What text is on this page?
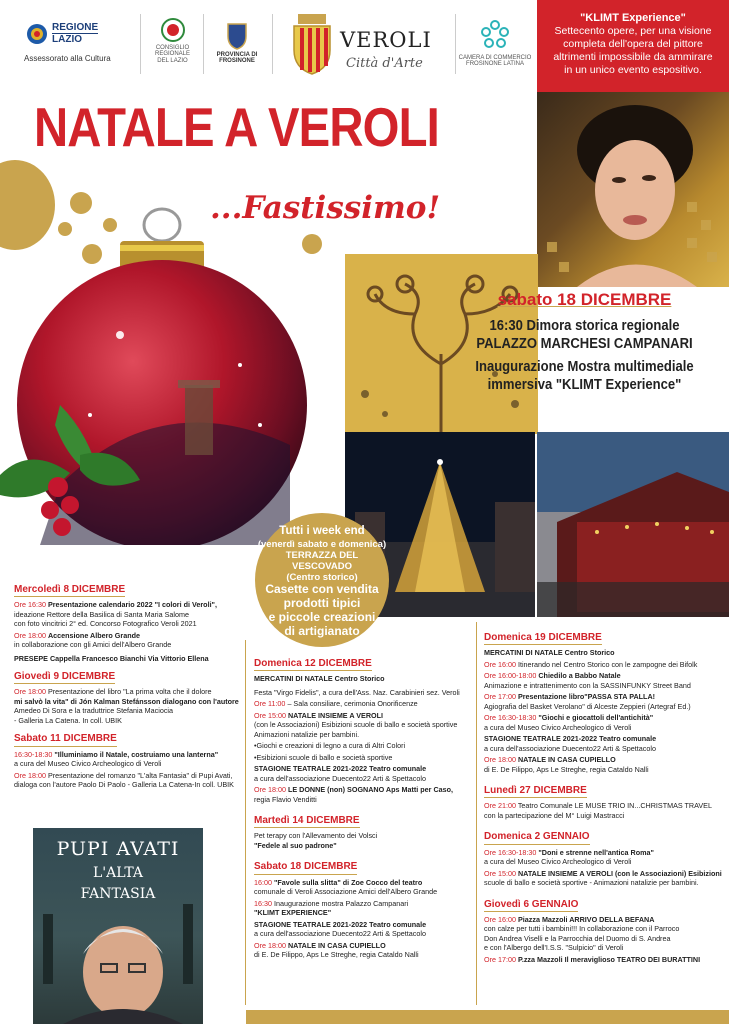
REGIONE
LAZIO
Assessorato alla Cultura
CONSIGLIO REGIONALE DEL LAZIO
PROVINCIA DI FROSINONE
VEROLI
Città d'Arte	CAMERA DI COMMERCIO FROSINONE LATINA
"KLIMT Experience"
Settecento opere, per una visione
completa dell'opera del pittore
altrimenti impossibile da ammirare
in un unico evento espositivo.
NATALE A VEROLI
...Fastissimo!
sabato 18 DICEMBRE
16:30 Dimora storica regionale
PALAZZO MARCHESI CAMPANARI
Inaugurazione Mostra multimediale
immersiva "KLIMT Experience"
Tutti i week end
(venerdì sabato e domenica)
TERRAZZA DEL VESCOVADO
(Centro storico)
Casette con vendita
prodotti tipici
e piccole creazioni
di artigianato
Mercoledì 8 DICEMBRE
Ore 16:30 Presentazione calendario 2022 "I colori di Veroli",
ideazione Rettore della Basilica di Santa Maria Salome
con foto vincitrici 2° ed. Concorso Fotografico Veroli 2021
Ore 18:00 Accensione Albero Grande
in collaborazione con gli Amici dell'Albero Grande
PRESEPE Cappella Francesco Bianchi Via Vittorio Ellena
Giovedì 9 DICEMBRE
Ore 18:00 Presentazione del libro "La prima volta che il dolore
mi salvò la vita" di Jón Kalman Stefánsson dialogano con l'autore
Amedeo Di Sora e la traduttrice Stefania Maciocia
- Galleria La Catena. In coll. UBIK
Sabato 11 DICEMBRE
16:30-18:30 "Illuminiamo il Natale, costruiamo una lanterna"
a cura del Museo Civico Archeologico di Veroli
Ore 18:00 Presentazione del romanzo "L'alta Fantasia" di Pupi Avati,
dialoga con l'autore Paolo Di Paolo - Galleria La Catena-In coll. UBIK
PUPI AVATI
L'ALTA
FANTASIA
Domenica 12 DICEMBRE
MERCATINI DI NATALE Centro Storico
Festa "Virgo Fidelis", a cura dell'Ass. Naz. Carabinieri sez. Veroli
Ore 11:00 – Sala consiliare, cerimonia Onorificenze
Ore 15:00 NATALE INSIEME A VEROLI
(con le Associazioni) Esibizioni scuole di ballo e società sportive
Animazioni natalizie per bambini.
•Giochi e creazioni di legno a cura di Altri Colori
•Esibizioni scuole di ballo e società sportive
STAGIONE TEATRALE 2021-2022 Teatro comunale
a cura dell'associazione Duecento22 Arti & Spettacolo
Ore 18:00 LE DONNE (non) SOGNANO Aps Matti per Caso,
regia Flavio Venditti
Martedì 14 DICEMBRE
Pet terapy con l'Allevamento dei Volsci
"Fedele al suo padrone"
Sabato 18 DICEMBRE
16:00 "Favole sulla slitta" di Zoe Cocco del teatro
comunale di Veroli Associazione Amici dell'Albero Grande
16:30 Inaugurazione mostra Palazzo Campanari
"KLIMT EXPERIENCE"
STAGIONE TEATRALE 2021-2022 Teatro comunale
a cura dell'associazione Duecento22 Arti & Spettacolo
Ore 18:00 NATALE IN CASA CUPIELLO
di E. De Filippo, Aps Le Streghe, regia Cataldo Nalli
Domenica 19 DICEMBRE
MERCATINI DI NATALE Centro Storico
Ore 16:00 Itinerando nel Centro Storico con le zampogne dei Bifolk
Ore 16:00-18:00 Chiedilo a Babbo Natale
Animazione e intrattenimento con la SASSINFUNKY Street Band
Ore 17:00 Presentazione libro"PASSA STA PALLA!
Agiografia del Basket Verolano" di Alceste Zeppieri (Artegraf Ed.)
Ore 16:30-18:30 "Giochi e giocattoli dell'antichità"
a cura del Museo Civico Archeologico di Veroli
STAGIONE TEATRALE 2021-2022 Teatro comunale
a cura dell'associazione Duecento22 Arti & Spettacolo
Ore 18:00 NATALE IN CASA CUPIELLO
di E. De Filippo, Aps Le Streghe, regia Cataldo Nalli
Lunedì 27 DICEMBRE
Ore 21:00 Teatro Comunale LE MUSE TRIO IN...CHRISTMAS TRAVEL
con la partecipazione del M° Luigi Mastracci
Domenica 2 GENNAIO
Ore 16:30-18:30 "Doni e strenne nell'antica Roma"
a cura del Museo Civico Archeologico di Veroli
Ore 15:00 NATALE INSIEME A VEROLI (con le Associazioni) Esibizioni
scuole di ballo e società sportive - Animazioni natalizie per bambini.
Giovedì 6 GENNAIO
Ore 16:00 Piazza Mazzoli ARRIVO DELLA BEFANA
con calze per tutti i bambini!!! In collaborazione con il Parroco
Don Andrea Viselli e la Parrocchia del Duomo di S. Andrea
e con l'Albergo dell'I.S.S. "Sulpicio" di Veroli
Ore 17:00 P.zza Mazzoli Il meraviglioso TEATRO DEI BURATTINI
